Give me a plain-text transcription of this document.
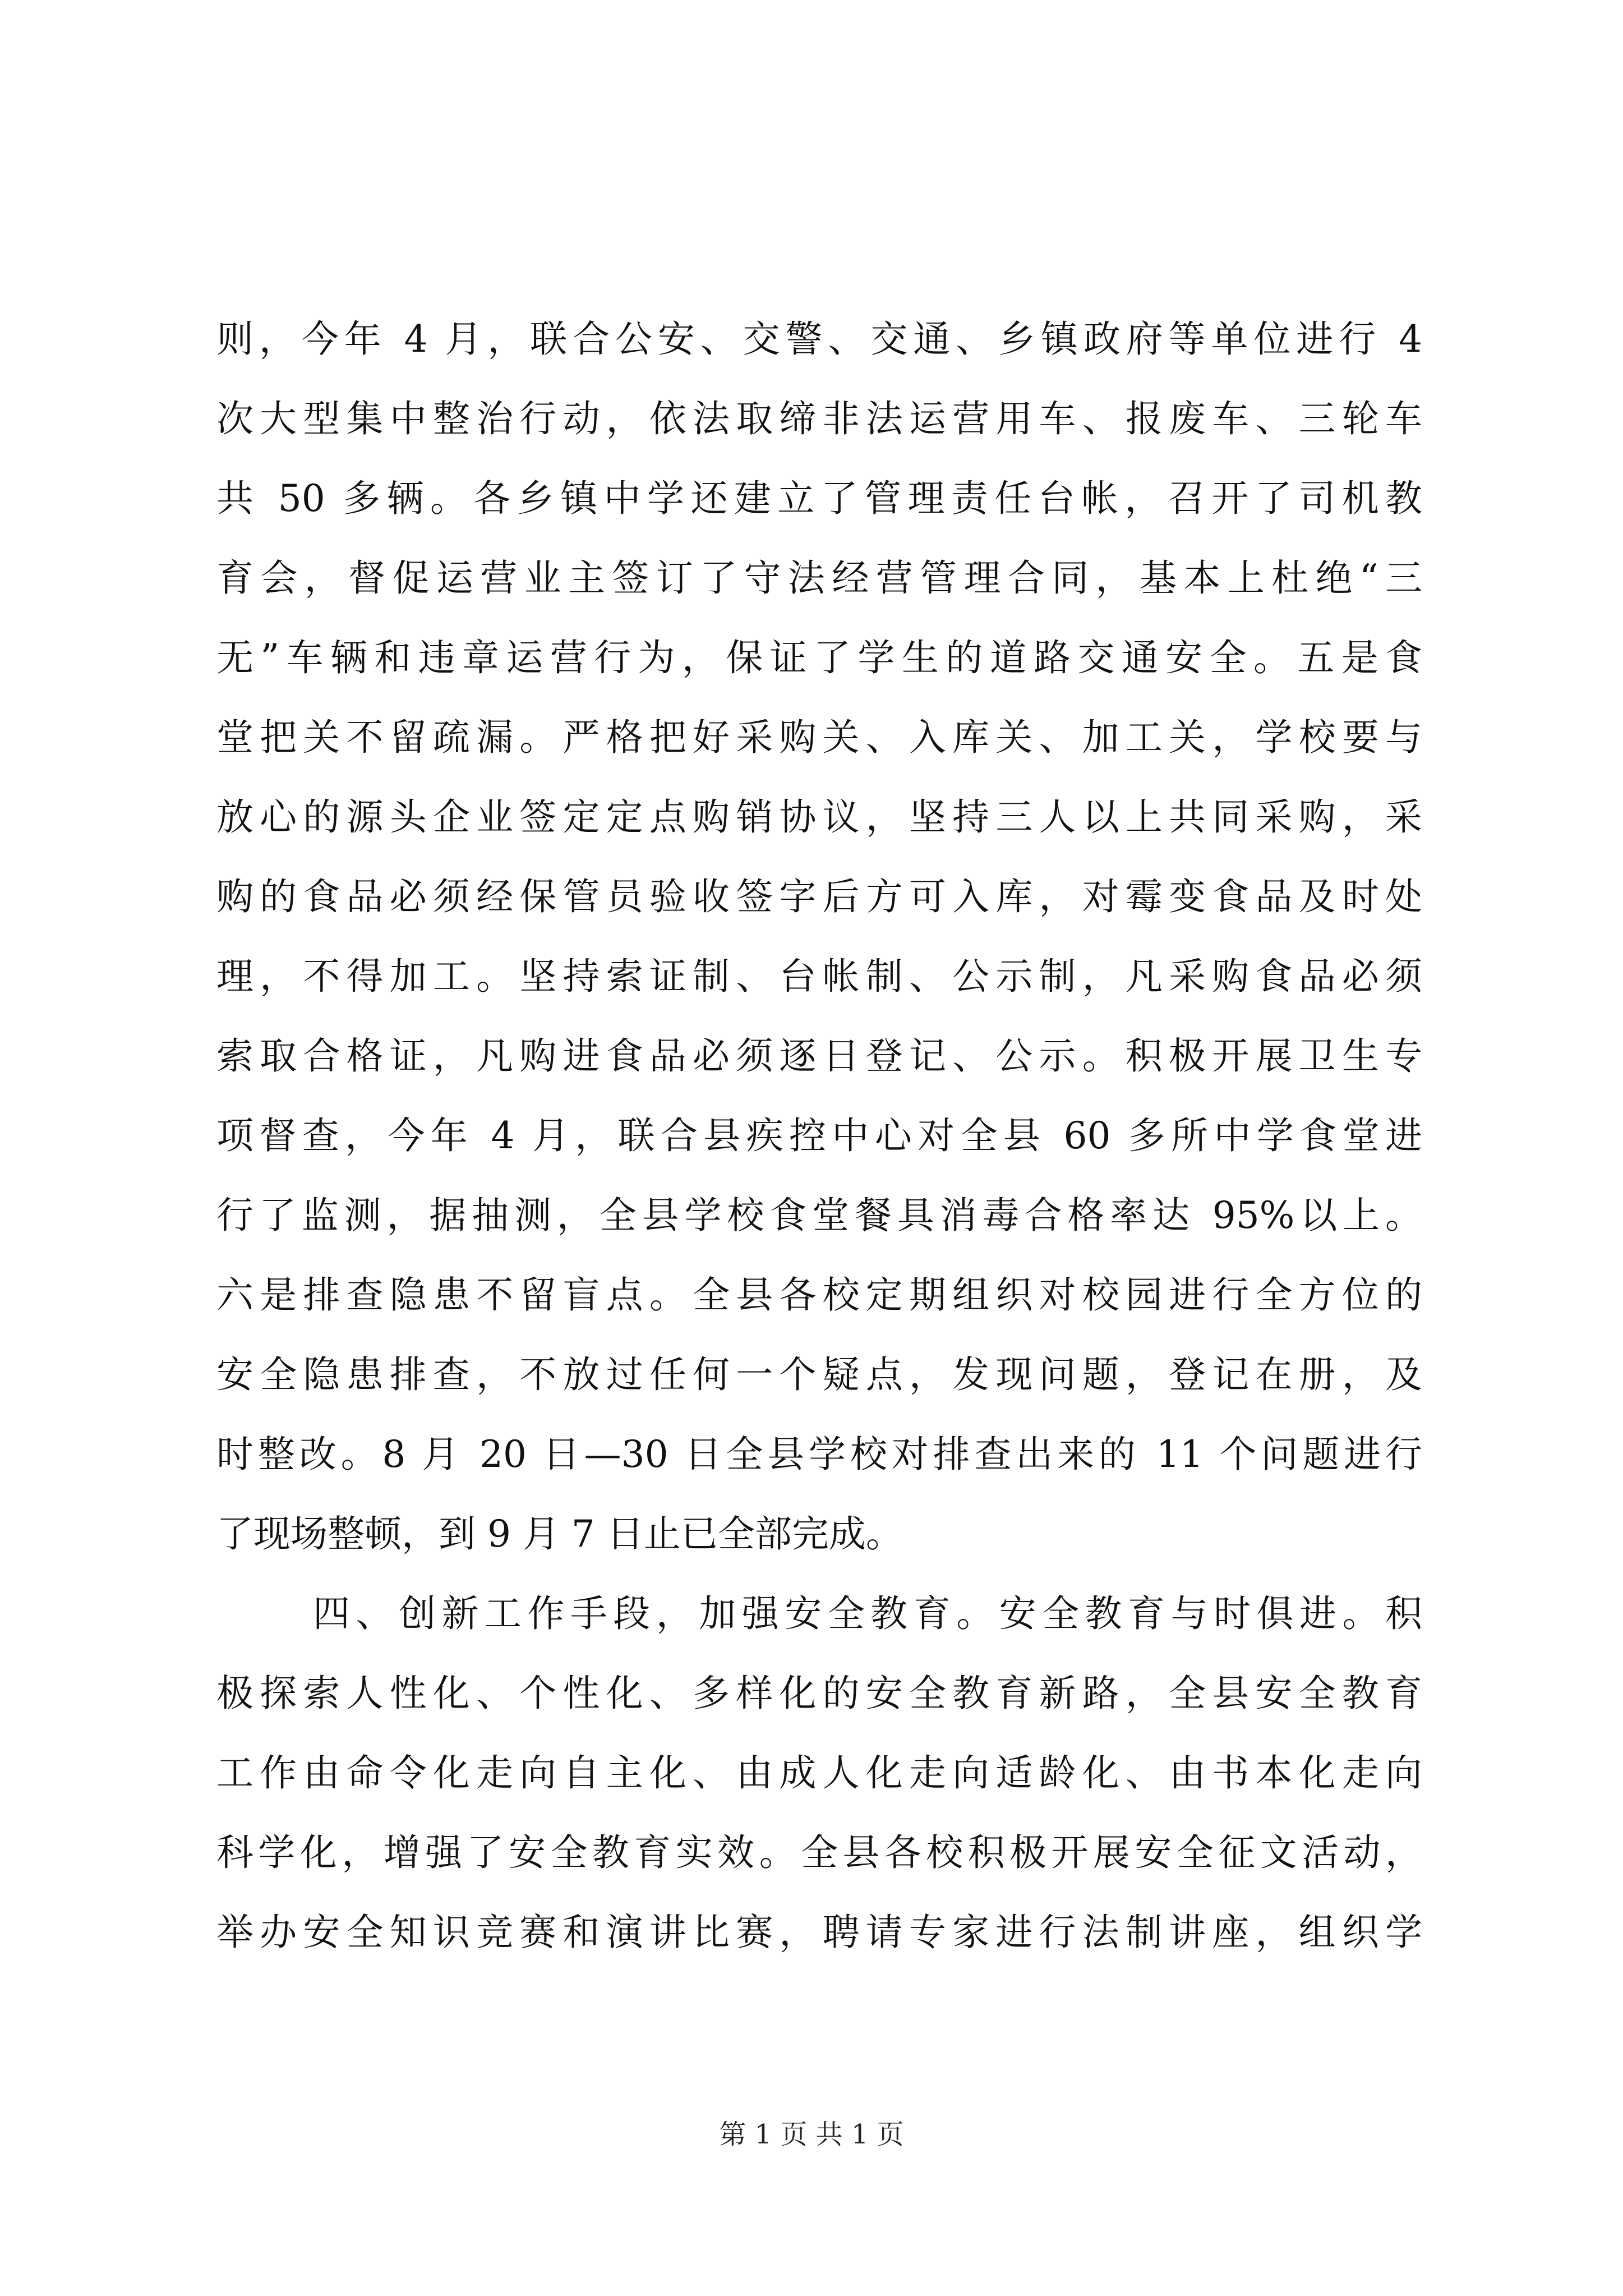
则，今年 4 月，联合公安、交警、交通、乡镇政府等单位进行 4
次大型集中整治行动，依法取缔非法运营用车、报废车、三轮车
共 50 多辆。各乡镇中学还建立了管理责任台帐，召开了司机教
育会，督促运营业主签订了守法经营管理合同，基本上杜绝“三
无”车辆和违章运营行为，保证了学生的道路交通安全。五是食
堂把关不留疏漏。严格把好采购关、入库关、加工关，学校要与
放心的源头企业签定定点购销协议，坚持三人以上共同采购，采
购的食品必须经保管员验收签字后方可入库，对霉变食品及时处
理，不得加工。坚持索证制、台帐制、公示制，凡采购食品必须
索取合格证，凡购进食品必须逐日登记、公示。积极开展卫生专
项督查，今年 4 月，联合县疾控中心对全县 60 多所中学食堂进
行了监测，据抽测，全县学校食堂餐具消毒合格率达 95%以上。
六是排查隐患不留盲点。全县各校定期组织对校园进行全方位的
安全隐患排查，不放过任何一个疑点，发现问题，登记在册，及
时整改。8 月 20 日—30 日全县学校对排查出来的 11 个问题进行
了现场整顿，到 9 月 7 日止已全部完成。
四、创新工作手段，加强安全教育。安全教育与时俱进。积
极探索人性化、个性化、多样化的安全教育新路，全县安全教育
工作由命令化走向自主化、由成人化走向适龄化、由书本化走向
科学化，增强了安全教育实效。全县各校积极开展安全征文活动，
举办安全知识竞赛和演讲比赛，聘请专家进行法制讲座，组织学
第 1 页 共 1 页
